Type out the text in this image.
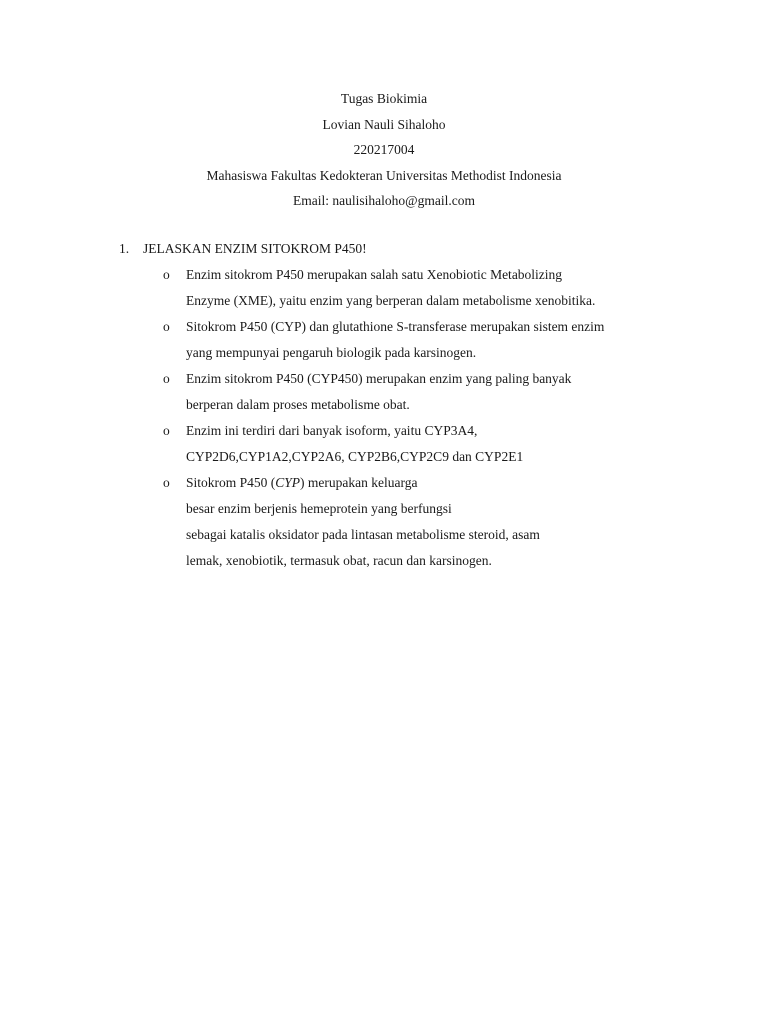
Tugas Biokimia
Lovian Nauli Sihaloho
220217004
Mahasiswa Fakultas Kedokteran Universitas Methodist Indonesia
Email: naulisihaloho@gmail.com
1. JELASKAN ENZIM SITOKROM P450!
o Enzim sitokrom P450 merupakan salah satu Xenobiotic Metabolizing
Enzyme (XME), yaitu enzim yang berperan dalam metabolisme xenobitika.
o Sitokrom P450 (CYP) dan glutathione S-transferase merupakan sistem enzim
yang mempunyai pengaruh biologik pada karsinogen.
o Enzim sitokrom P450 (CYP450) merupakan enzim yang paling banyak
berperan dalam proses metabolisme obat.
o Enzim ini terdiri dari banyak isoform, yaitu CYP3A4,
CYP2D6,CYP1A2,CYP2A6, CYP2B6,CYP2C9 dan CYP2E1
o Sitokrom P450 (CYP) merupakan keluarga
besar enzim berjenis hemeprotein yang berfungsi
sebagai katalis oksidator pada lintasan metabolisme steroid, asam
lemak, xenobiotik, termasuk obat, racun dan karsinogen.
